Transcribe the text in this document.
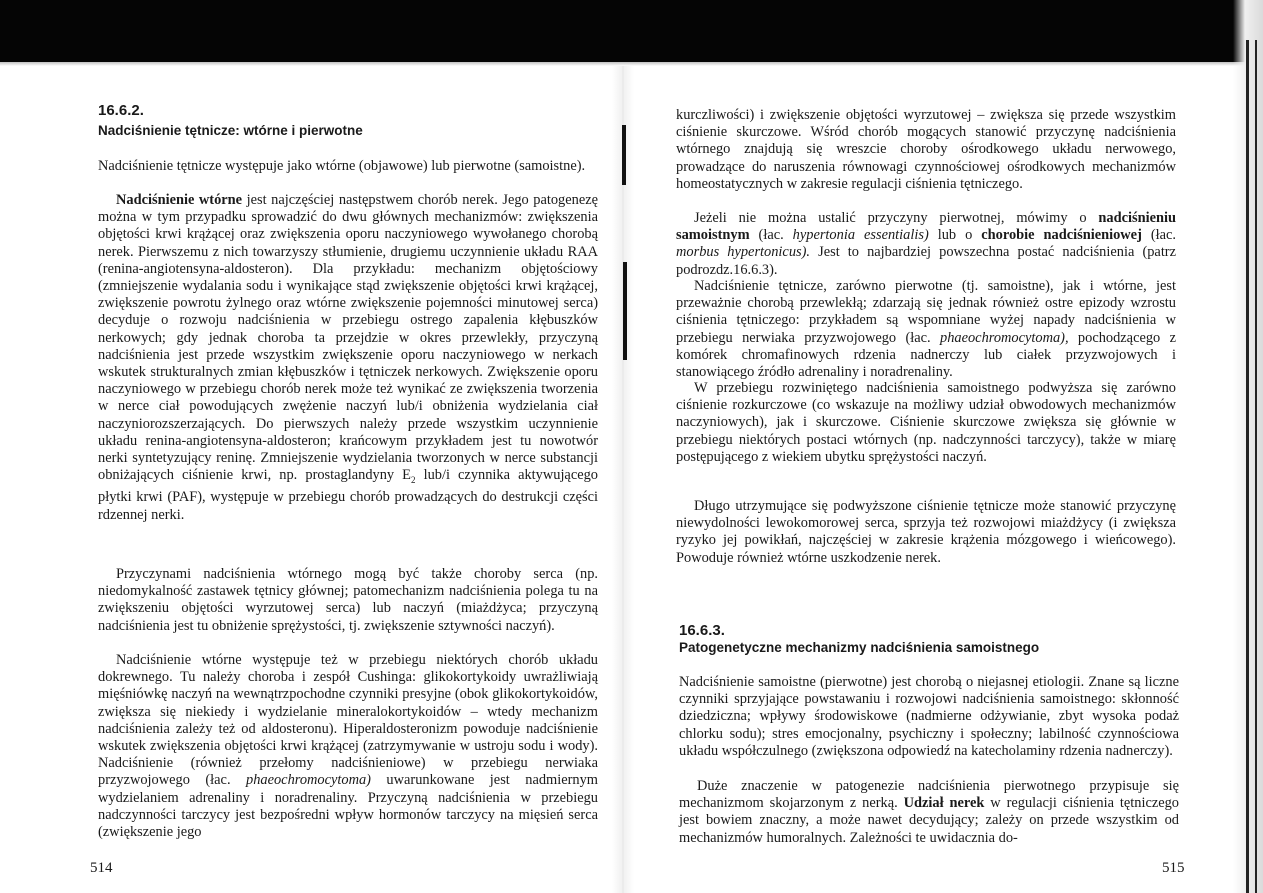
16.6.2.
Nadciśnienie tętnicze: wtórne i pierwotne

Nadciśnienie tętnicze występuje jako wtórne (objawowe) lub pierwotne (samoistne).

Nadciśnienie wtórne jest najczęściej następstwem chorób nerek. Jego patogenezę można w tym przypadku sprowadzić do dwu głównych mechanizmów: zwiększenia objętości krwi krążącej oraz zwiększenia oporu naczyniowego wywołanego chorobą nerek. Pierwszemu z nich towarzyszy stłumienie, drugiemu uczynnienie układu RAA (renina-angiotensyna-aldosteron). Dla przykładu: mechanizm objętościowy (zmniejszenie wydalania sodu i wynikające stąd zwiększenie objętości krwi krążącej, zwiększenie powrotu żylnego oraz wtórne zwiększenie pojemności minutowej serca) decyduje o rozwoju nadciśnienia w przebiegu ostrego zapalenia kłębuszków nerkowych; gdy jednak choroba ta przejdzie w okres przewlekły, przyczyną nadciśnienia jest przede wszystkim zwiększenie oporu naczyniowego w nerkach wskutek strukturalnych zmian kłębuszków i tętniczek nerkowych. Zwiększenie oporu naczyniowego w przebiegu chorób nerek może też wynikać ze zwiększenia tworzenia w nerce ciał powodujących zwężenie naczyń lub/i obniżenia wydzielania ciał naczyniorozszerzających. Do pierwszych należy przede wszystkim uczynnienie układu renina-angiotensyna-aldosteron; krańcowym przykładem jest tu nowotwór nerki syntetyzujący reninę. Zmniejszenie wydzielania tworzonych w nerce substancji obniżających ciśnienie krwi, np. prostaglandyny $E_2$ lub/i czynnika aktywującego płytki krwi (PAF), występuje w przebiegu chorób prowadzących do destrukcji części rdzennej nerki.

Przyczynami nadciśnienia wtórnego mogą być także choroby serca (np. niedomykalność zastawek tętnicy głównej; patomechanizm nadciśnienia polega tu na zwiększeniu objętości wyrzutowej serca) lub naczyń (miażdżyca; przyczyną nadciśnienia jest tu obniżenie sprężystości, tj. zwiększenie sztywności naczyń).

Nadciśnienie wtórne występuje też w przebiegu niektórych chorób układu dokrewnego. Tu należy choroba i zespół Cushinga: glikokortykoidy uwrażliwiają mięśniówkę naczyń na wewnątrzpochodne czynniki presyjne (obok glikokortykoidów, zwiększa się niekiedy i wydzielanie mineralokortykoidów – wtedy mechanizm nadciśnienia zależy też od aldosteronu). Hiperaldosteronizm powoduje nadciśnienie wskutek zwiększenia objętości krwi krążącej (zatrzymywanie w ustroju sodu i wody). Nadciśnienie (również przełomy nadciśnieniowe) w przebiegu nerwiaka przyzwojowego (łac. phaeochromocytoma) uwarunkowane jest nadmiernym wydzielaniem adrenaliny i noradrenaliny. Przyczyną nadciśnienia w przebiegu nadczynności tarczycy jest bezpośredni wpływ hormonów tarczycy na mięsień serca (zwiększenie jego

514

kurczliwości) i zwiększenie objętości wyrzutowej – zwiększa się przede wszystkim ciśnienie skurczowe. Wśród chorób mogących stanowić przyczynę nadciśnienia wtórnego znajdują się wreszcie choroby ośrodkowego układu nerwowego, prowadzące do naruszenia równowagi czynnościowej ośrodkowych mechanizmów homeostatycznych w zakresie regulacji ciśnienia tętniczego.

Jeżeli nie można ustalić przyczyny pierwotnej, mówimy o nadciśnieniu samoistnym (łac. hypertonia essentialis) lub o chorobie nadciśnieniowej (łac. morbus hypertonicus). Jest to najbardziej powszechna postać nadciśnienia (patrz podrozdz.16.6.3).

Nadciśnienie tętnicze, zarówno pierwotne (tj. samoistne), jak i wtórne, jest przeważnie chorobą przewlekłą; zdarzają się jednak również ostre epizody wzrostu ciśnienia tętniczego: przykładem są wspomniane wyżej napady nadciśnienia w przebiegu nerwiaka przyzwojowego (łac. phaeochromocytoma), pochodzącego z komórek chromafinowych rdzenia nadnerczy lub ciałek przyzwojowych i stanowiącego źródło adrenaliny i noradrenaliny.

W przebiegu rozwiniętego nadciśnienia samoistnego podwyższa się zarówno ciśnienie rozkurczowe (co wskazuje na możliwy udział obwodowych mechanizmów naczyniowych), jak i skurczowe. Ciśnienie skurczowe zwiększa się głównie w przebiegu niektórych postaci wtórnych (np. nadczynności tarczycy), także w miarę postępującego z wiekiem ubytku sprężystości naczyń.

Długo utrzymujące się podwyższone ciśnienie tętnicze może stanowić przyczynę niewydolności lewokomorowej serca, sprzyja też rozwojowi miażdżycy (i zwiększa ryzyko jej powikłań, najczęściej w zakresie krążenia mózgowego i wieńcowego). Powoduje również wtórne uszkodzenie nerek.

16.6.3.
Patogenetyczne mechanizmy nadciśnienia samoistnego

Nadciśnienie samoistne (pierwotne) jest chorobą o niejasnej etiologii. Znane są liczne czynniki sprzyjające powstawaniu i rozwojowi nadciśnienia samoistnego: skłonność dziedziczna; wpływy środowiskowe (nadmierne odżywianie, zbyt wysoka podaż chlorku sodu); stres emocjonalny, psychiczny i społeczny; labilność czynnościowa układu współczulnego (zwiększona odpowiedź na katecholaminy rdzenia nadnerczy).

Duże znaczenie w patogenezie nadciśnienia pierwotnego przypisuje się mechanizmom skojarzonym z nerką. Udział nerek w regulacji ciśnienia tętniczego jest bowiem znaczny, a może nawet decydujący; zależy on przede wszystkim od mechanizmów humoralnych. Zależności te uwidacznia do-

515
